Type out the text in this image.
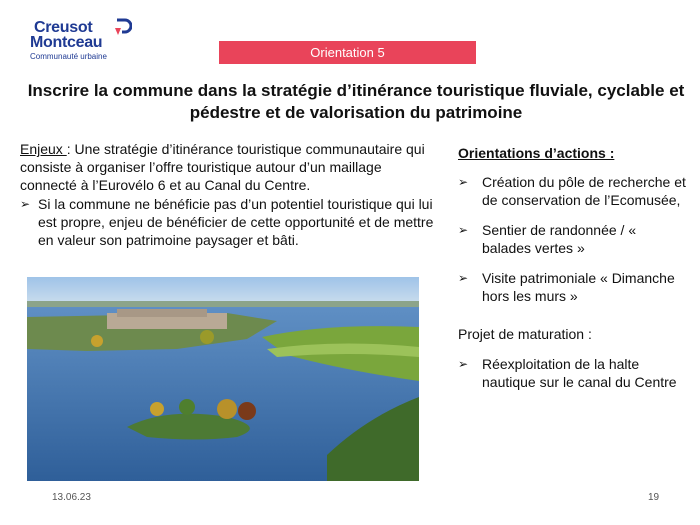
Creusot
Montceau
Communauté urbaine	Orientation 5
Inscrire la commune dans la stratégie d’itinérance touristique fluviale, cyclable et pédestre et de valorisation du patrimoine

Enjeux : Une stratégie d’itinérance touristique communautaire qui consiste à organiser l’offre touristique autour d’un maillage connecté à l’Eurovélo 6 et au Canal du Centre.

➢ Si la commune ne bénéficie pas d’un potentiel touristique qui lui est propre, enjeu de bénéficier de cette opportunité et de mettre en valeur son patrimoine paysager et bâti.
Orientations d’actions :
➢ Création du pôle de recherche et de conservation de l’Ecomusée,
➢ Sentier de randonnée / « balades vertes »
➢ Visite patrimoniale « Dimanche hors les murs »
Projet de maturation :
➢ Réexploitation de la halte nautique sur le canal du Centre
13.06.23	19
